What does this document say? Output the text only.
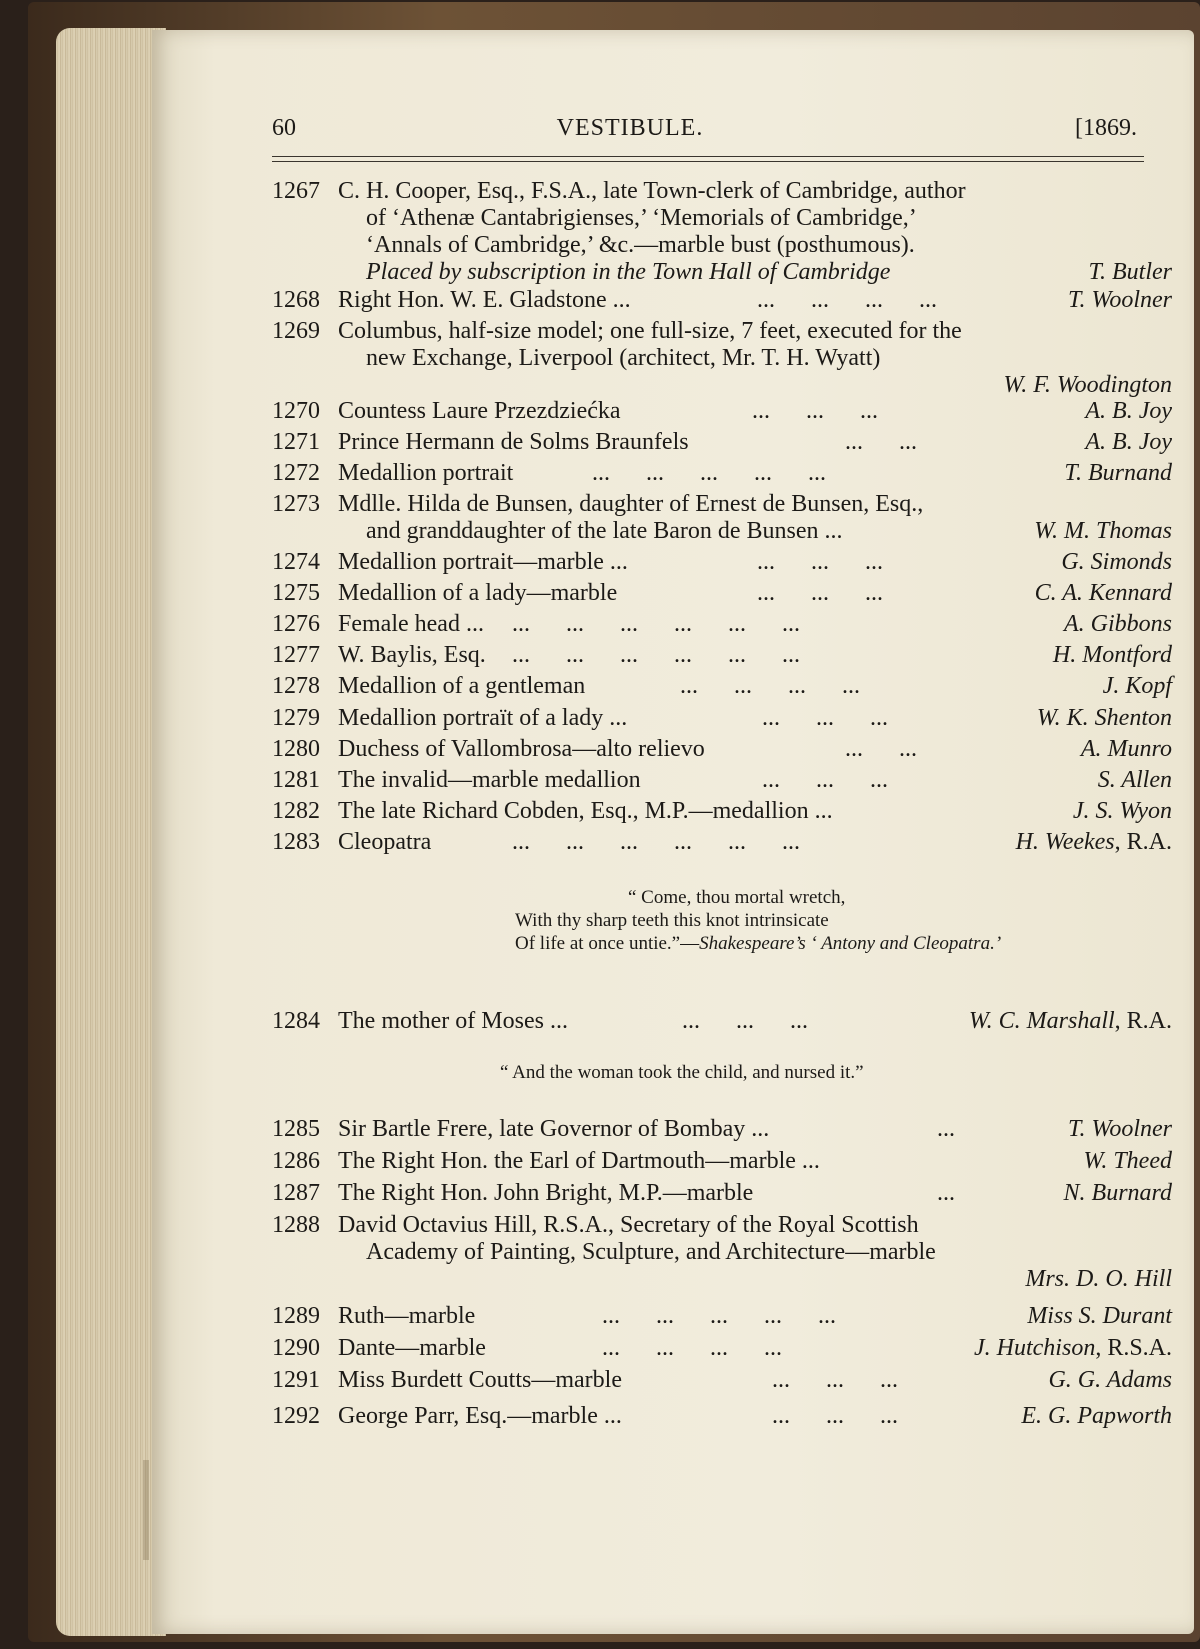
60	VESTIBULE.	[1869.
1267 C. H. Cooper, Esq., F.S.A., late Town-clerk of Cambridge, author
of ‘Athenæ Cantabrigienses,’ ‘Memorials of Cambridge,’
‘Annals of Cambridge,’ &c.—marble bust (posthumous).
Placed by subscription in the Town Hall of Cambridge	T. Butler
1268 Right Hon. W. E. Gladstone ...	...      ...      ...      ...	T. Woolner
1269 Columbus, half-size model; one full-size, 7 feet, executed for the
new Exchange, Liverpool (architect, Mr. T. H. Wyatt)
W. F. Woodington
1270 Countess Laure Przezdziećka	...      ...      ...	A. B. Joy
1271 Prince Hermann de Solms Braunfels	...      ...	A. B. Joy
1272 Medallion portrait	...      ...      ...      ...      ...	T. Burnand
1273 Mdlle. Hilda de Bunsen, daughter of Ernest de Bunsen, Esq.,
and granddaughter of the late Baron de Bunsen ...	W. M. Thomas
1274 Medallion portrait—marble ...	...      ...      ...	G. Simonds
1275 Medallion of a lady—marble	...      ...      ...	C. A. Kennard
1276 Female head ... ...      ...      ...      ...      ...      ...	A. Gibbons
1277 W. Baylis, Esq. ...      ...      ...      ...      ...      ...	H. Montford
1278 Medallion of a gentleman	...      ...      ...      ...	J. Kopf
1279 Medallion portraït of a lady ...	...      ...      ...	W. K. Shenton
1280 Duchess of Vallombrosa—alto relievo	...      ...	A. Munro
1281 The invalid—marble medallion	...      ...      ...	S. Allen
1282 The late Richard Cobden, Esq., M.P.—medallion ...	J. S. Wyon
1283 Cleopatra	...      ...      ...      ...      ...      ...	H. Weekes, R.A.
“ Come, thou mortal wretch,
With thy sharp teeth this knot intrinsicate
Of life at once untie.”—Shakespeare’s ‘ Antony and Cleopatra.’
1284 The mother of Moses ...	...      ...      ...	W. C. Marshall, R.A.
“ And the woman took the child, and nursed it.”
1285 Sir Bartle Frere, late Governor of Bombay ...	...	T. Woolner
1286 The Right Hon. the Earl of Dartmouth—marble ...	W. Theed
1287 The Right Hon. John Bright, M.P.—marble	...	N. Burnard
1288 David Octavius Hill, R.S.A., Secretary of the Royal Scottish
Academy of Painting, Sculpture, and Architecture—marble
Mrs. D. O. Hill
1289 Ruth—marble	...      ...      ...      ...      ...	Miss S. Durant
1290 Dante—marble	...      ...      ...      ...	J. Hutchison, R.S.A.
1291 Miss Burdett Coutts—marble	...      ...      ...	G. G. Adams
1292 George Parr, Esq.—marble ...	...      ...      ...	E. G. Papworth
